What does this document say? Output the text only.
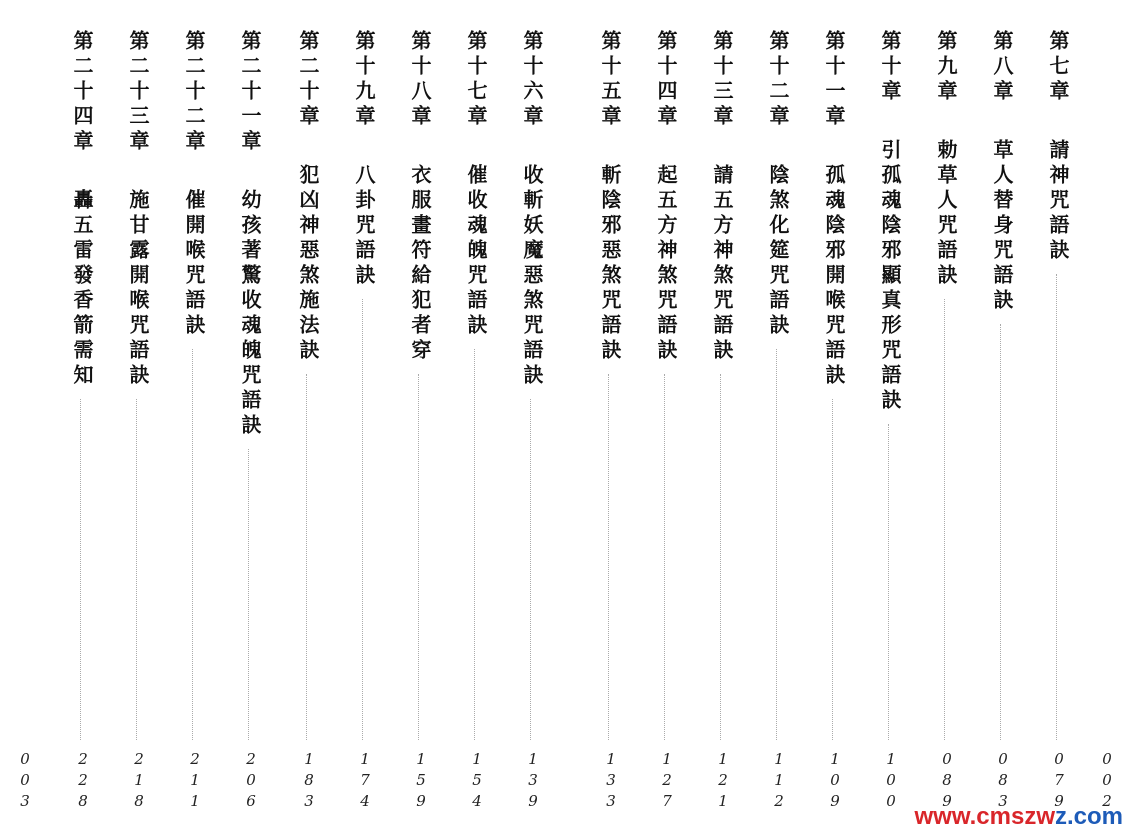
第七章請神咒語訣
079
第八章草人替身咒語訣
083
第九章勅草人咒語訣
089
第十章引孤魂陰邪顯真形咒語訣
100
第十一章孤魂陰邪開喉咒語訣
109
第十二章陰煞化筵咒語訣
112
第十三章請五方神煞咒語訣
121
第十四章起五方神煞咒語訣
127
第十五章斬陰邪惡煞咒語訣
133
第十六章收斬妖魔惡煞咒語訣
139
第十七章催收魂魄咒語訣
154
第十八章衣服畫符給犯者穿
159
第十九章八卦咒語訣
174
第二十章犯凶神惡煞施法訣
183
第二十一章幼孩著驚收魂魄咒語訣
206
第二十二章催開喉咒語訣
211
第二十三章施甘露開喉咒語訣
218
第二十四章轟五雷發香箭需知
228	002
003
www.cmszwz.com
